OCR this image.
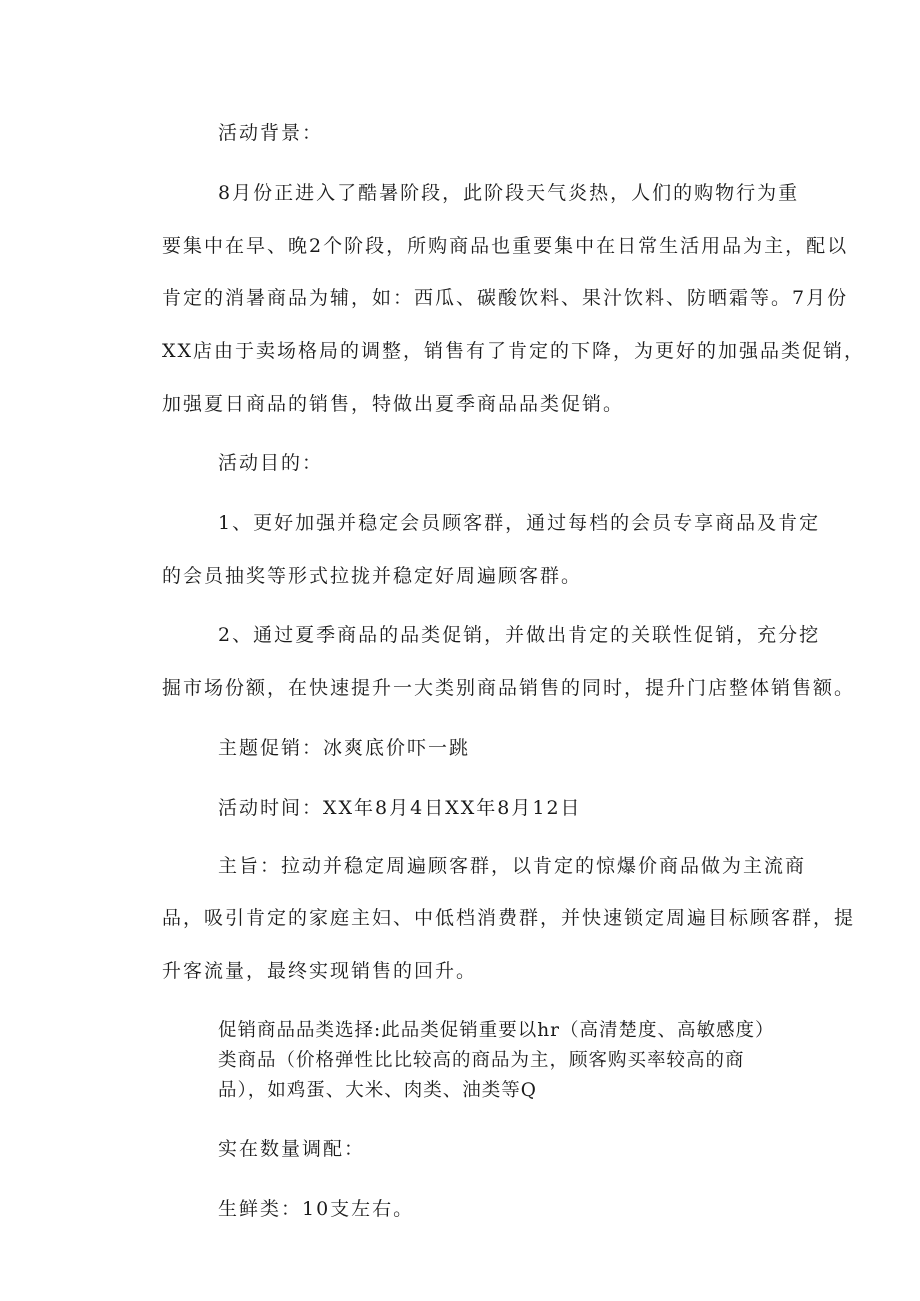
活动背景：
8月份正进入了酷暑阶段，此阶段天气炎热，人们的购物行为重
要集中在早、晚2个阶段，所购商品也重要集中在日常生活用品为主，配以
肯定的消暑商品为辅，如：西瓜、碳酸饮料、果汁饮料、防晒霜等。7月份
XX店由于卖场格局的调整，销售有了肯定的下降，为更好的加强品类促销，
加强夏日商品的销售，特做出夏季商品品类促销。
活动目的：
1、更好加强并稳定会员顾客群，通过每档的会员专享商品及肯定
的会员抽奖等形式拉拢并稳定好周遍顾客群。
2、通过夏季商品的品类促销，并做出肯定的关联性促销，充分挖
掘市场份额，在快速提升一大类别商品销售的同时，提升门店整体销售额。
主题促销：冰爽底价吓一跳
活动时间：XX年8月4日XX年8月12日
主旨：拉动并稳定周遍顾客群，以肯定的惊爆价商品做为主流商
品，吸引肯定的家庭主妇、中低档消费群，并快速锁定周遍目标顾客群，提
升客流量，最终实现销售的回升。
促销商品品类选择:此品类促销重要以hr（高清楚度、高敏感度）
类商品（价格弹性比比较高的商品为主，顾客购买率较高的商
品），如鸡蛋、大米、肉类、油类等Q
实在数量调配：
生鲜类：10支左右。
